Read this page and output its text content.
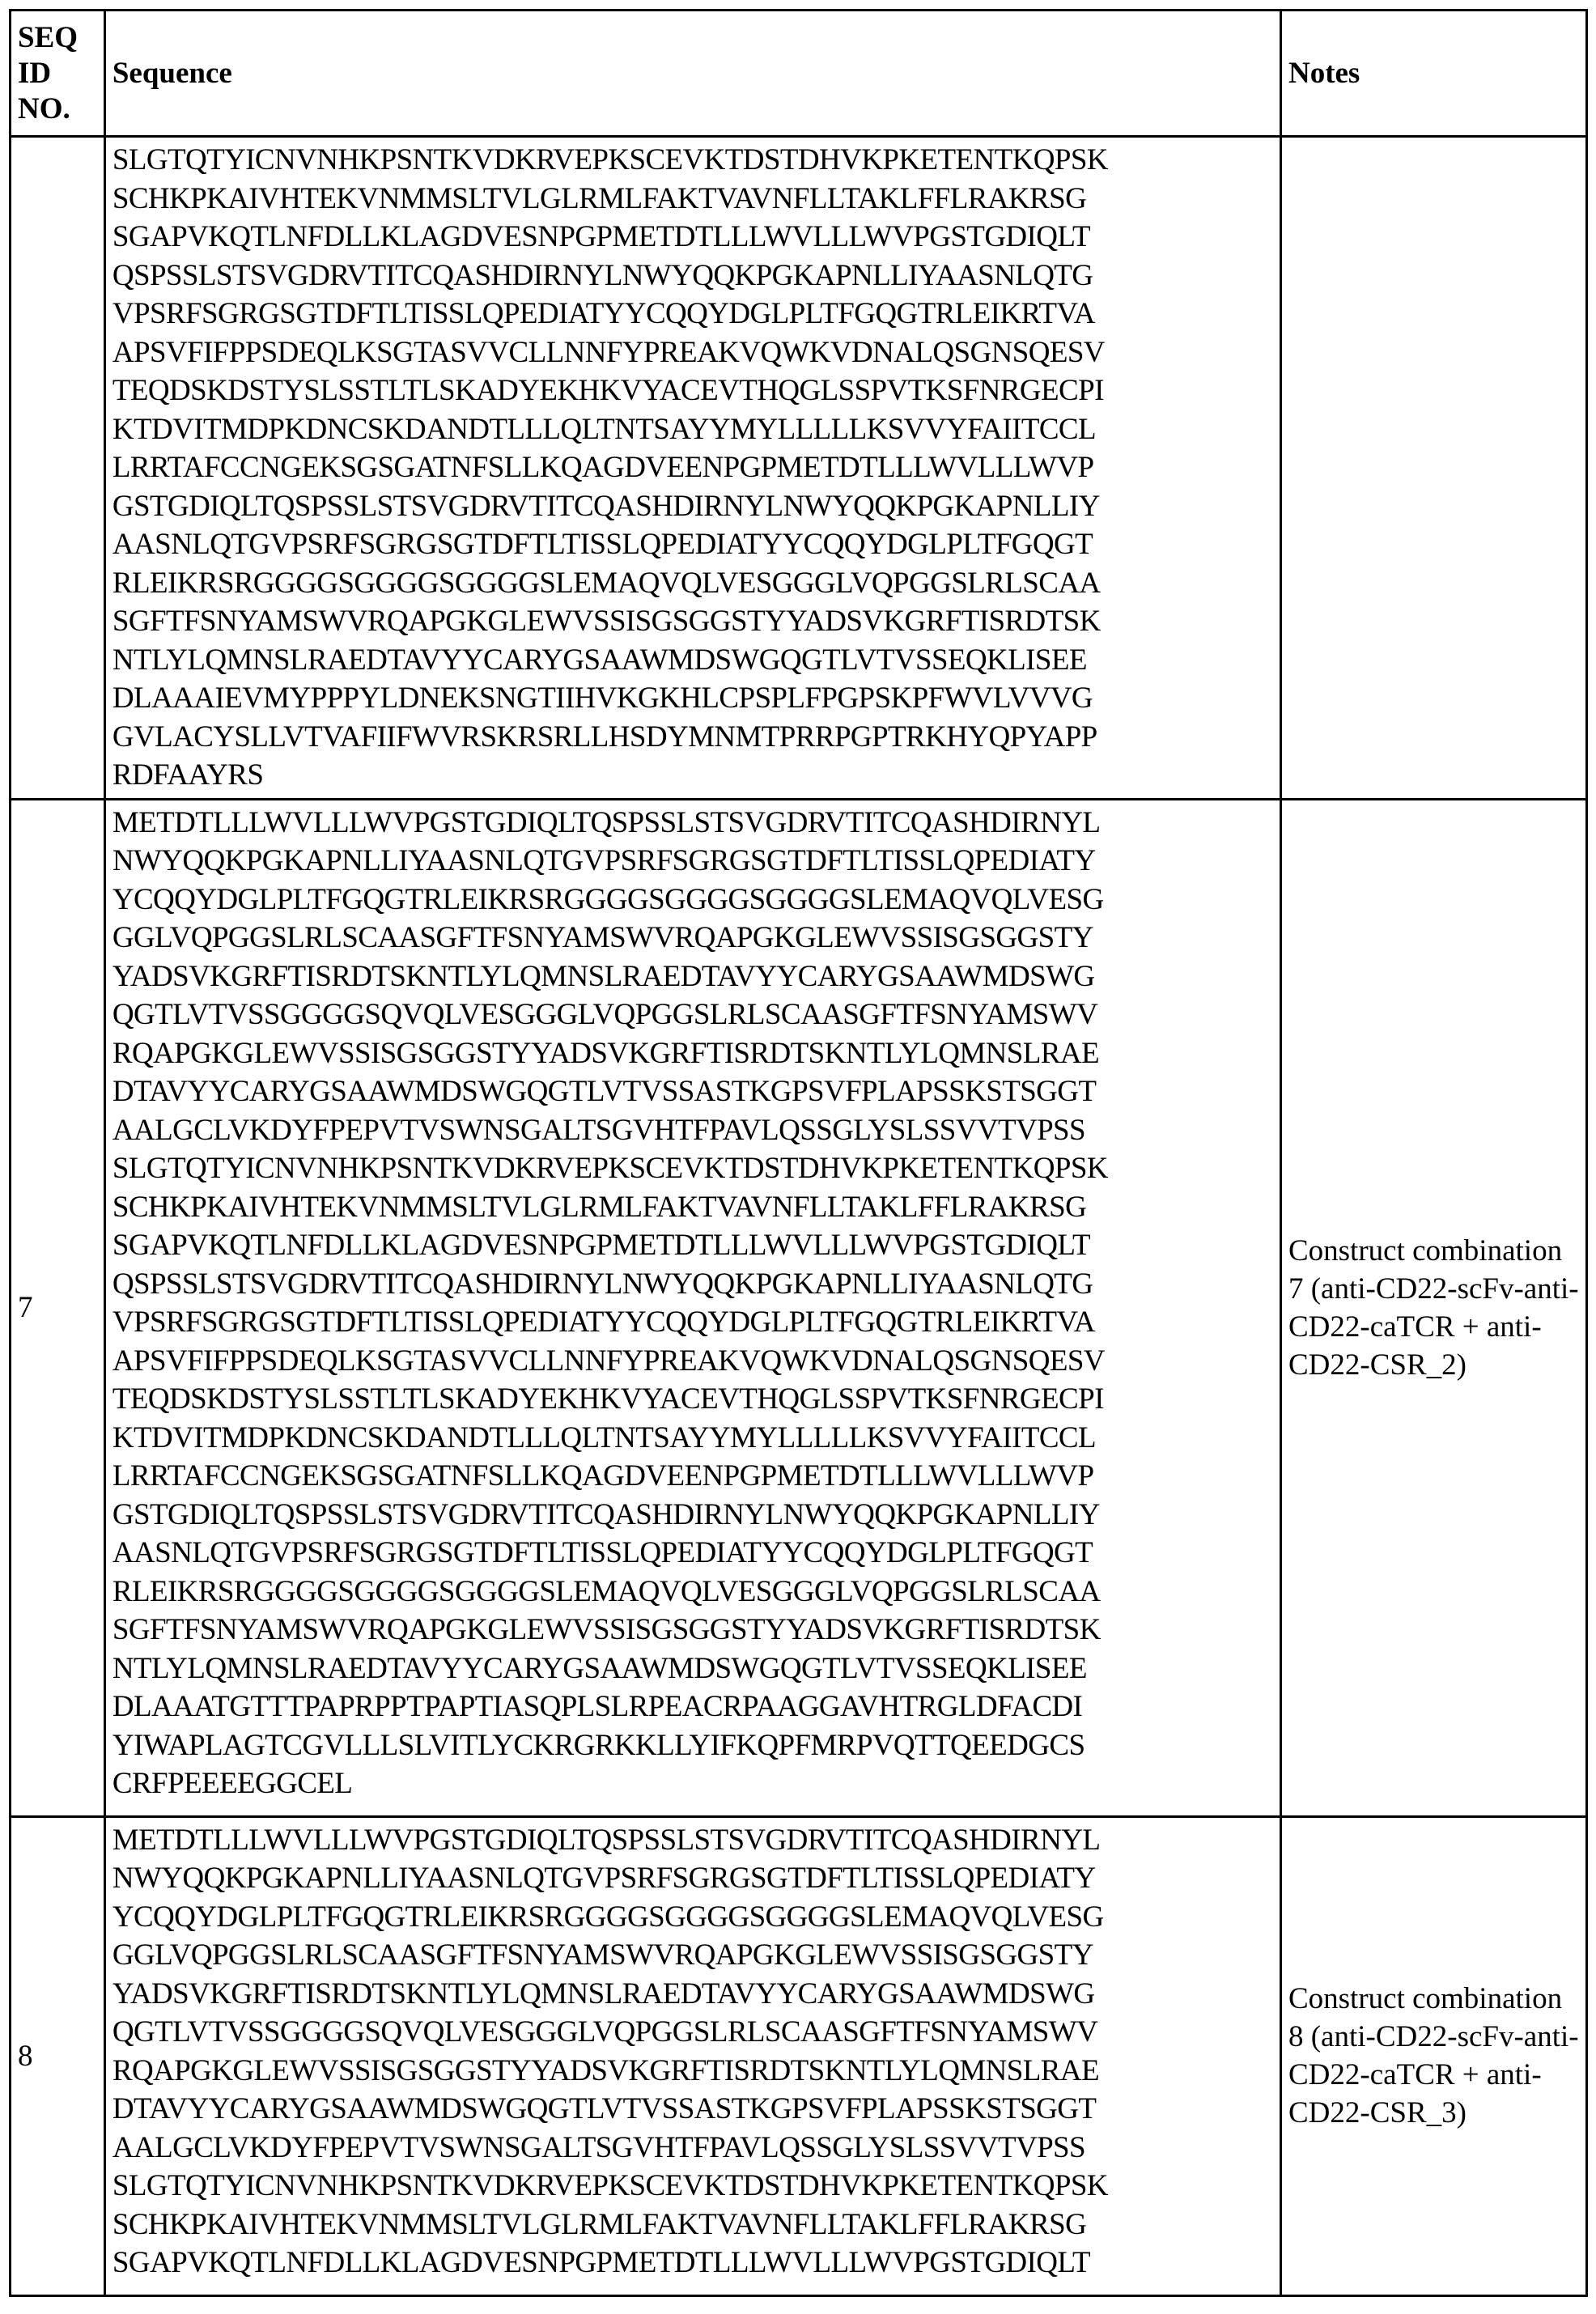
SEQ ID NO.	Sequence	Notes

SLGTQTYICNVNHKPSNTKVDKRVEPKSCEVKTDSTDHVKPKETENTKQPSK
SCHKPKAIVHTEKVNMMSLTVLGLRMLFAKTVAVNFLLTAKLFFLRAKRSG
SGAPVKQTLNFDLLKLAGDVESNPGPMETDTLLLWVLLLWVPGSTGDIQLT
QSPSSLSTSVGDRVTITCQASHDIRNYLNWYQQKPGKAPNLLIYAASNLQTG
VPSRFSGRGSGTDFTLTISSLQPEDIATYYCQQYDGLPLTFGQGTRLEIKRTVA
APSVFIFPPSDEQLKSGTASVVCLLNNFYPREAKVQWKVDNALQSGNSQESV
TEQDSKDSTYSLSSTLTLSKADYEKHKVYACEVTHQGLSSPVTKSFNRGECPI
KTDVITMDPKDNCSKDANDTLLLQLTNTSAYYMYLLLLLKSVVYFAIITCCL
LRRTAFCCNGEKSGSGATNFSLLKQAGDVEENPGPMETDTLLLWVLLLWVP
GSTGDIQLTQSPSSLSTSVGDRVTITCQASHDIRNYLNWYQQKPGKAPNLLIY
AASNLQTGVPSRFSGRGSGTDFTLTISSLQPEDIATYYCQQYDGLPLTFGQGT
RLEIKRSRGGGGSGGGGSGGGGSLEMAQVQLVESGGGLVQPGGSLRLSCAA
SGFTFSNYAMSWVRQAPGKGLEWVSSISGSGGSTYYADSVKGRFTISRDTSK
NTLYLQMNSLRAEDTAVYYCARYGSAAWMDSWGQGTLVTVSSEQKLISEE
DLAAAIEVMYPPPYLDNEKSNGTIIHVKGKHLCPSPLFPGPSKPFWVLVVVG
GVLACYSLLVTVAFIIFWVRSKRSRLLHSDYMNMTPRRPGPTRKHYQPYAPP
RDFAAYRS

7	
METDTLLLWVLLLWVPGSTGDIQLTQSPSSLSTSVGDRVTITCQASHDIRNYL
NWYQQKPGKAPNLLIYAASNLQTGVPSRFSGRGSGTDFTLTISSLQPEDIATY
YCQQYDGLPLTFGQGTRLEIKRSRGGGGSGGGGSGGGGSLEMAQVQLVESG
GGLVQPGGSLRLSCAASGFTFSNYAMSWVRQAPGKGLEWVSSISGSGGSTY
YADSVKGRFTISRDTSKNTLYLQMNSLRAEDTAVYYCARYGSAAWMDSWG
QGTLVTVSSGGGGSQVQLVESGGGLVQPGGSLRLSCAASGFTFSNYAMSWV
RQAPGKGLEWVSSISGSGGSTYYADSVKGRFTISRDTSKNTLYLQMNSLRAE
DTAVYYCARYGSAAWMDSWGQGTLVTVSSASTKGPSVFPLAPSSKSTSGGT
AALGCLVKDYFPEPVTVSWNSGALTSGVHTFPAVLQSSGLYSLSSVVTVPSS
SLGTQTYICNVNHKPSNTKVDKRVEPKSCEVKTDSTDHVKPKETENTKQPSK
SCHKPKAIVHTEKVNMMSLTVLGLRMLFAKTVAVNFLLTAKLFFLRAKRSG
SGAPVKQTLNFDLLKLAGDVESNPGPMETDTLLLWVLLLWVPGSTGDIQLT
QSPSSLSTSVGDRVTITCQASHDIRNYLNWYQQKPGKAPNLLIYAASNLQTG
VPSRFSGRGSGTDFTLTISSLQPEDIATYYCQQYDGLPLTFGQGTRLEIKRTVA
APSVFIFPPSDEQLKSGTASVVCLLNNFYPREAKVQWKVDNALQSGNSQESV
TEQDSKDSTYSLSSTLTLSKADYEKHKVYACEVTHQGLSSPVTKSFNRGECPI
KTDVITMDPKDNCSKDANDTLLLQLTNTSAYYMYLLLLLKSVVYFAIITCCL
LRRTAFCCNGEKSGSGATNFSLLKQAGDVEENPGPMETDTLLLWVLLLWVP
GSTGDIQLTQSPSSLSTSVGDRVTITCQASHDIRNYLNWYQQKPGKAPNLLIY
AASNLQTGVPSRFSGRGSGTDFTLTISSLQPEDIATYYCQQYDGLPLTFGQGT
RLEIKRSRGGGGSGGGGSGGGGSLEMAQVQLVESGGGLVQPGGSLRLSCAA
SGFTFSNYAMSWVRQAPGKGLEWVSSISGSGGSTYYADSVKGRFTISRDTSK
NTLYLQMNSLRAEDTAVYYCARYGSAAWMDSWGQGTLVTVSSEQKLISEE
DLAAATGTTTPAPRPPTPAPTIASQPLSLRPEACRPAAGGAVHTRGLDFACDI
YIWAPLAGTCGVLLLSLVITLYCKRGRKKLLYIFKQPFMRPVQTTQEEDGCS
CRFPEEEEGGCEL
	Construct combination 7 (anti-CD22-scFv-anti-CD22-caTCR + anti-CD22-CSR_2)
8	
METDTLLLWVLLLWVPGSTGDIQLTQSPSSLSTSVGDRVTITCQASHDIRNYL
NWYQQKPGKAPNLLIYAASNLQTGVPSRFSGRGSGTDFTLTISSLQPEDIATY
YCQQYDGLPLTFGQGTRLEIKRSRGGGGSGGGGSGGGGSLEMAQVQLVESG
GGLVQPGGSLRLSCAASGFTFSNYAMSWVRQAPGKGLEWVSSISGSGGSTY
YADSVKGRFTISRDTSKNTLYLQMNSLRAEDTAVYYCARYGSAAWMDSWG
QGTLVTVSSGGGGSQVQLVESGGGLVQPGGSLRLSCAASGFTFSNYAMSWV
RQAPGKGLEWVSSISGSGGSTYYADSVKGRFTISRDTSKNTLYLQMNSLRAE
DTAVYYCARYGSAAWMDSWGQGTLVTVSSASTKGPSVFPLAPSSKSTSGGT
AALGCLVKDYFPEPVTVSWNSGALTSGVHTFPAVLQSSGLYSLSSVVTVPSS
SLGTQTYICNVNHKPSNTKVDKRVEPKSCEVKTDSTDHVKPKETENTKQPSK
SCHKPKAIVHTEKVNMMSLTVLGLRMLFAKTVAVNFLLTAKLFFLRAKRSG
SGAPVKQTLNFDLLKLAGDVESNPGPMETDTLLLWVLLLWVPGSTGDIQLT
	Construct combination 8 (anti-CD22-scFv-anti-CD22-caTCR + anti-CD22-CSR_3)
